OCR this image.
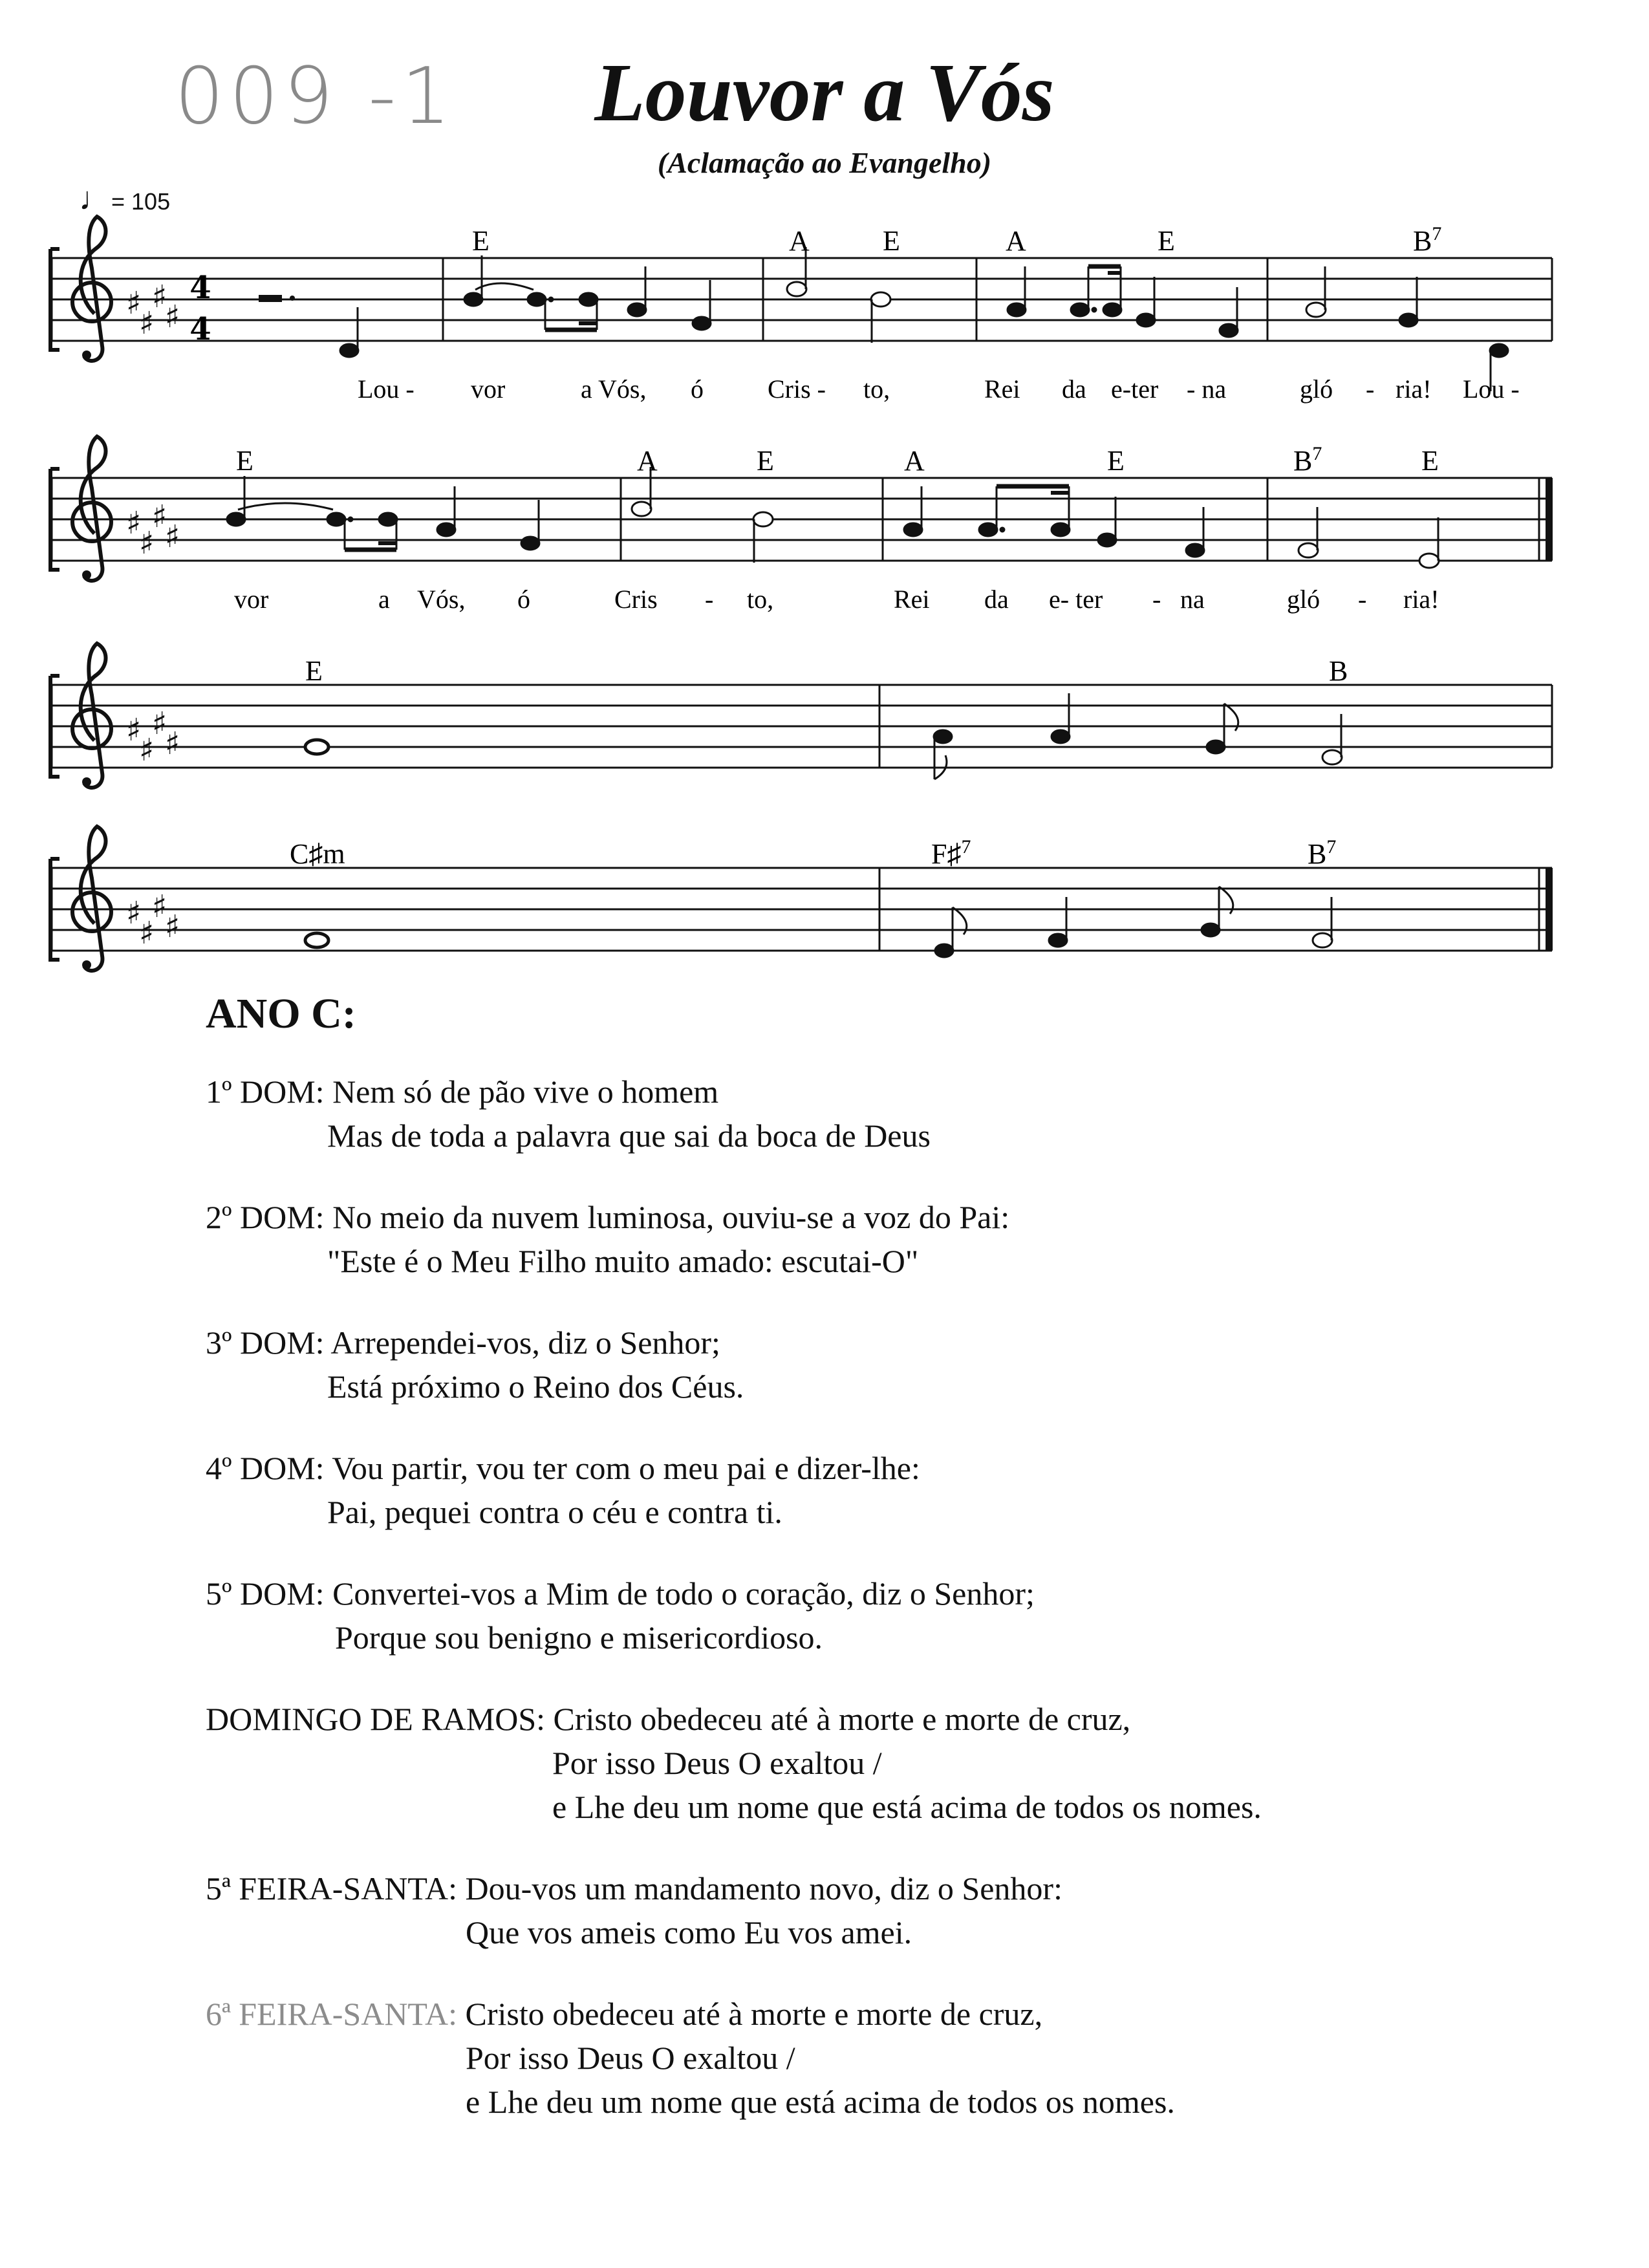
009 -1	Louvor a Vós
(Aclamação ao Evangelho)
♩= 105
4
4
E	A	E	A	E	$B^7$
Lou - vor	a Vós, ó Cris - to,	Rei da e-ter - na	gló - ria! Lou -
E	A	E	A	E	$B^7$	E
vor	a Vós, ó	Cris - to,	Rei da e- ter - na	gló - ria!
E	B
C♯m	F♯$^7$	$B^7$
ANO C:
1º DOM: Nem só de pão vive o homem
Mas de toda a palavra que sai da boca de Deus
2º DOM: No meio da nuvem luminosa, ouviu-se a voz do Pai:
"Este é o Meu Filho muito amado: escutai-O"
3º DOM: Arrependei-vos, diz o Senhor;
Está próximo o Reino dos Céus.
4º DOM: Vou partir, vou ter com o meu pai e dizer-lhe:
Pai, pequei contra o céu e contra ti.
5º DOM: Convertei-vos a Mim de todo o coração, diz o Senhor;
Porque sou benigno e misericordioso.
DOMINGO DE RAMOS: Cristo obedeceu até à morte e morte de cruz,
Por isso Deus O exaltou /
e Lhe deu um nome que está acima de todos os nomes.
5ª FEIRA-SANTA: Dou-vos um mandamento novo, diz o Senhor:
Que vos ameis como Eu vos amei.
6ª FEIRA-SANTA: Cristo obedeceu até à morte e morte de cruz,
Por isso Deus O exaltou /
e Lhe deu um nome que está acima de todos os nomes.
